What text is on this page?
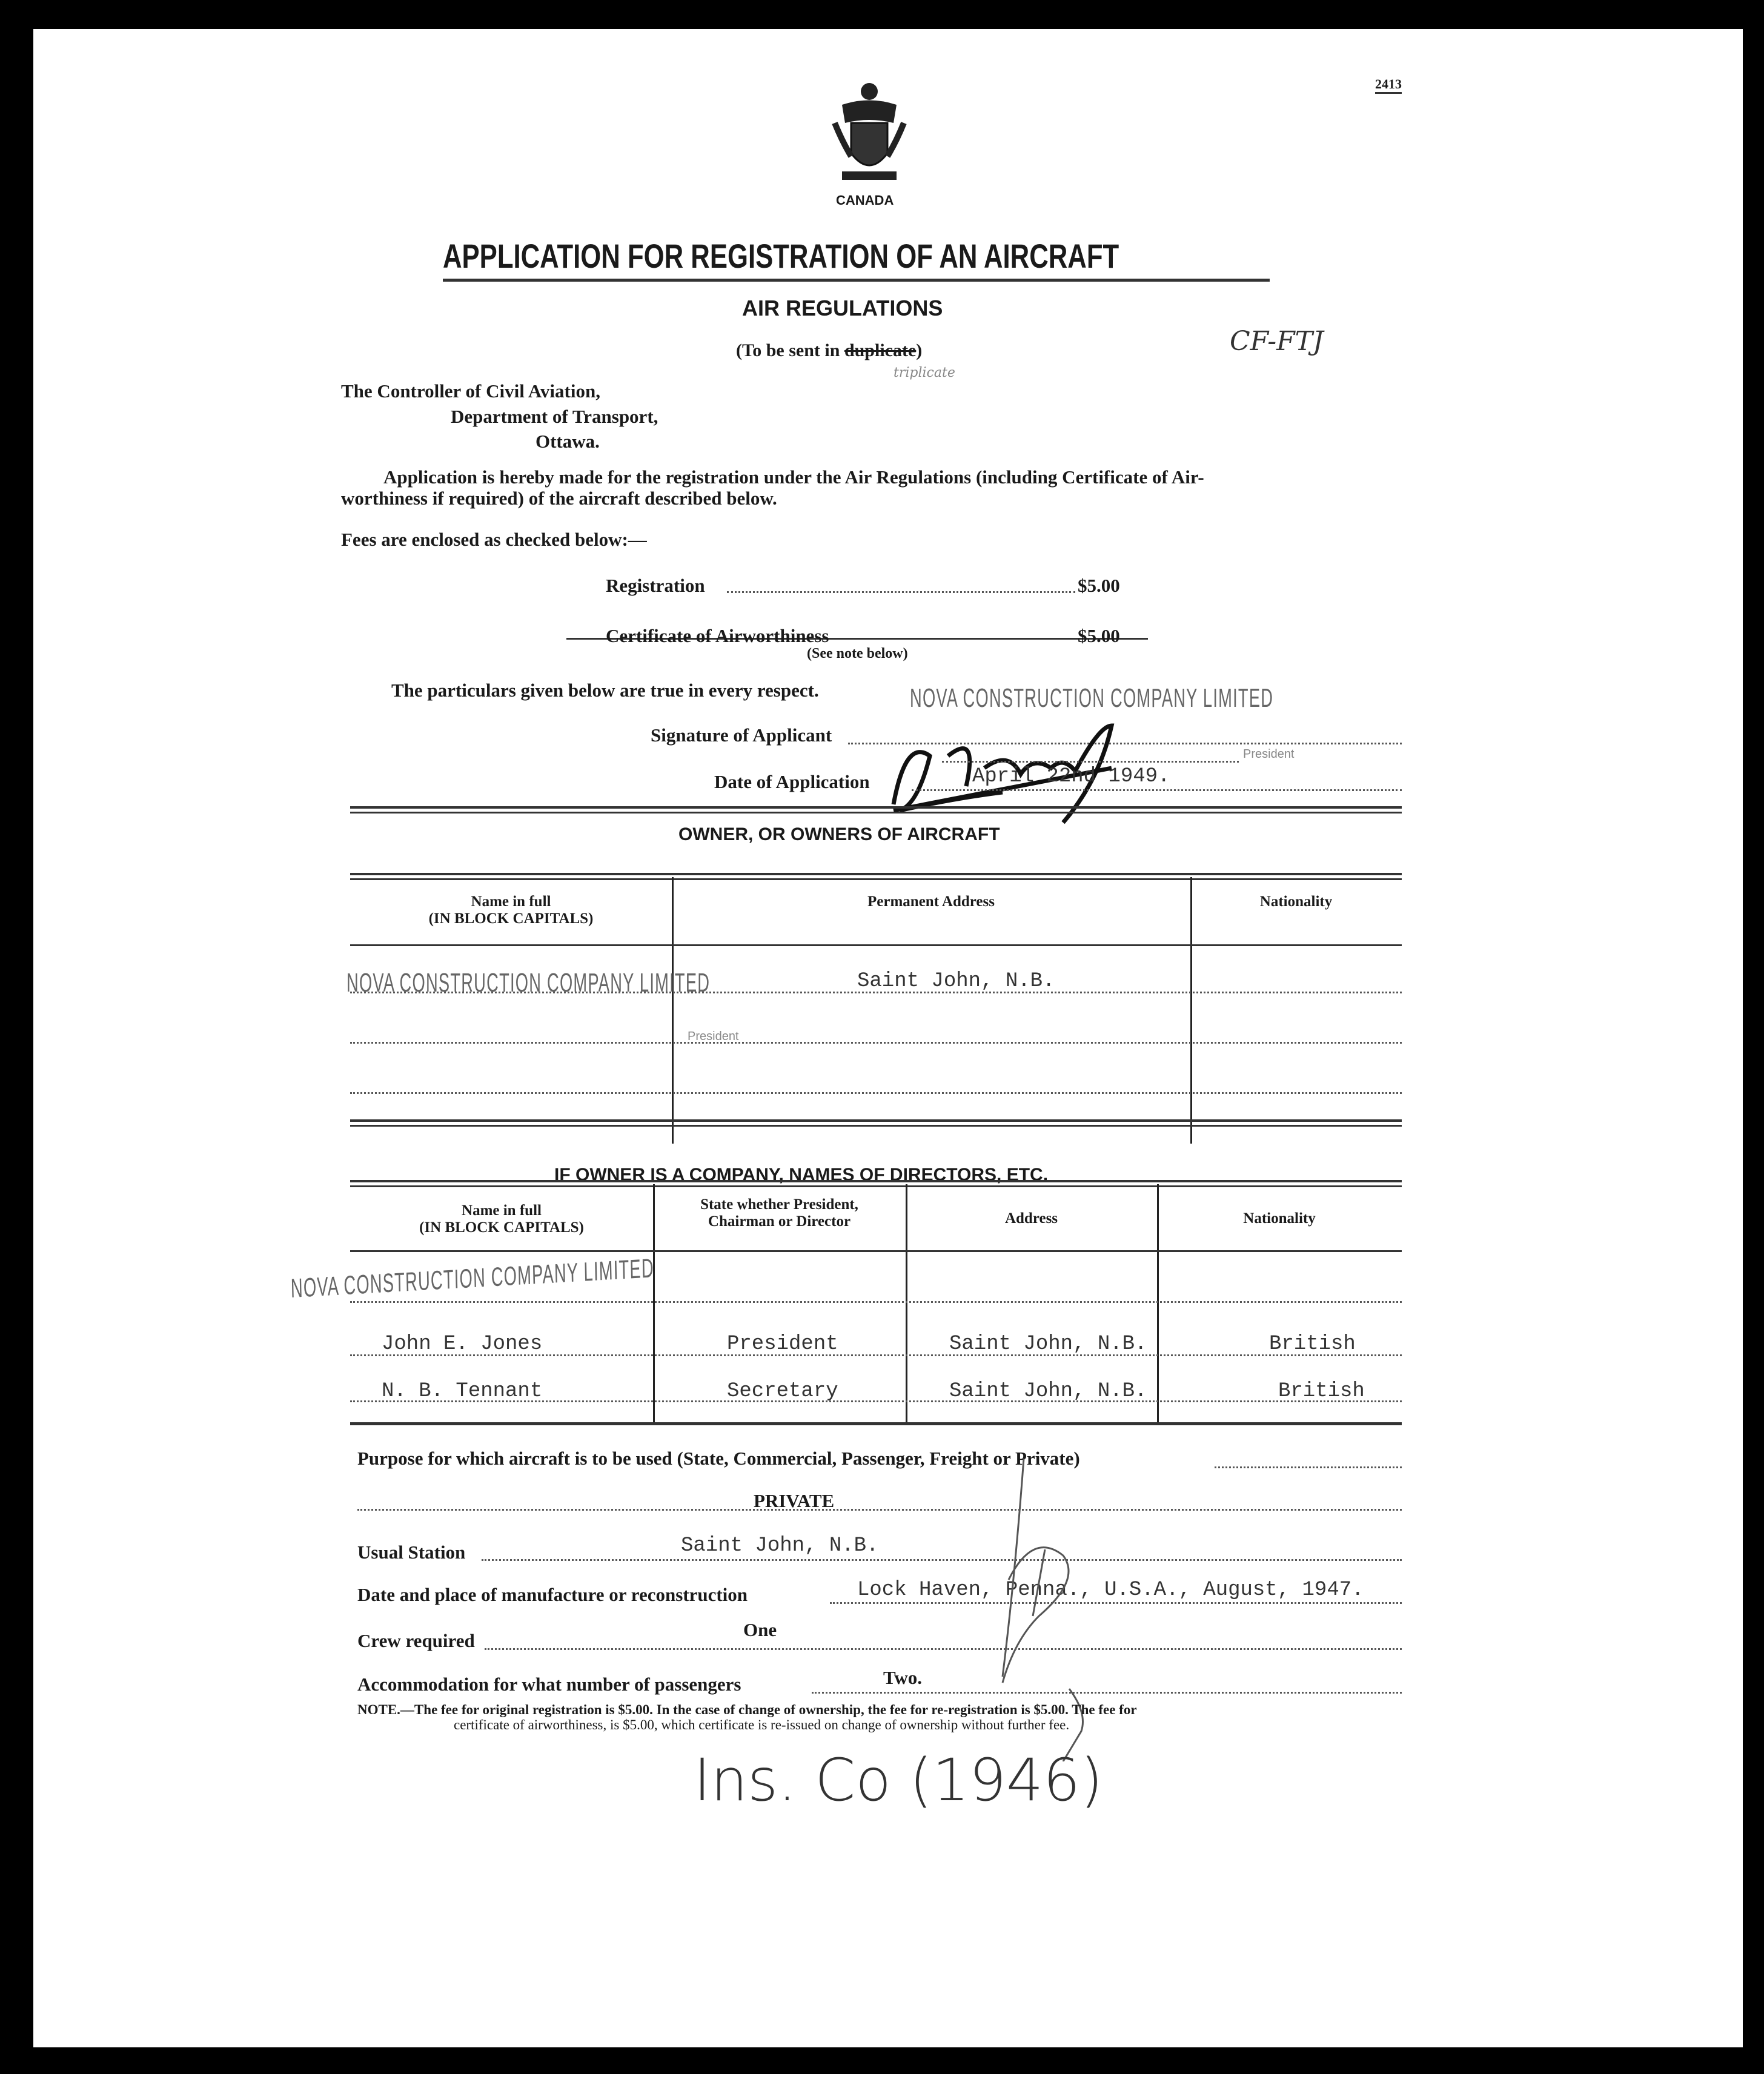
2413
CANADA
APPLICATION FOR REGISTRATION OF AN AIRCRAFT
AIR REGULATIONS
(To be sent in duplicate)
triplicate
CF-FTJ
The Controller of Civil Aviation,
Department of Transport,
Ottawa.
Application is hereby made for the registration under the Air Regulations (including Certificate of Air-
worthiness if required) of the aircraft described below.
Fees are enclosed as checked below:—
Registration	$5.00
Certificate of Airworthiness	$5.00
(See note below)
The particulars given below are true in every respect.	NOVA CONSTRUCTION COMPANY LIMITED
Signature of Applicant
President
Date of Application	April 22nd 1949.
OWNER, OR OWNERS OF AIRCRAFT
Name in full
(IN BLOCK CAPITALS)
Permanent Address	Nationality
NOVA CONSTRUCTION COMPANY LIMITED	Saint John, N.B.
President
IF OWNER IS A COMPANY, NAMES OF DIRECTORS, ETC.
Name in full
(IN BLOCK CAPITALS)
State whether President,
Chairman or Director	Address	Nationality
NOVA CONSTRUCTION COMPANY LIMITED
John E. Jones	President	Saint John, N.B.	British
N. B. Tennant	Secretary	Saint John, N.B.	British
Purpose for which aircraft is to be used (State, Commercial, Passenger, Freight or Private)
PRIVATE
Usual Station	Saint John, N.B.
Date and place of manufacture or reconstruction	Lock Haven, Penna., U.S.A., August, 1947.
Crew required
One
Accommodation for what number of passengers	Two.
NOTE.—The fee for original registration is $5.00. In the case of change of ownership, the fee for re-registration is $5.00. The fee for
certificate of airworthiness, is $5.00, which certificate is re-issued on change of ownership without further fee.
Ins. Co (1946)
